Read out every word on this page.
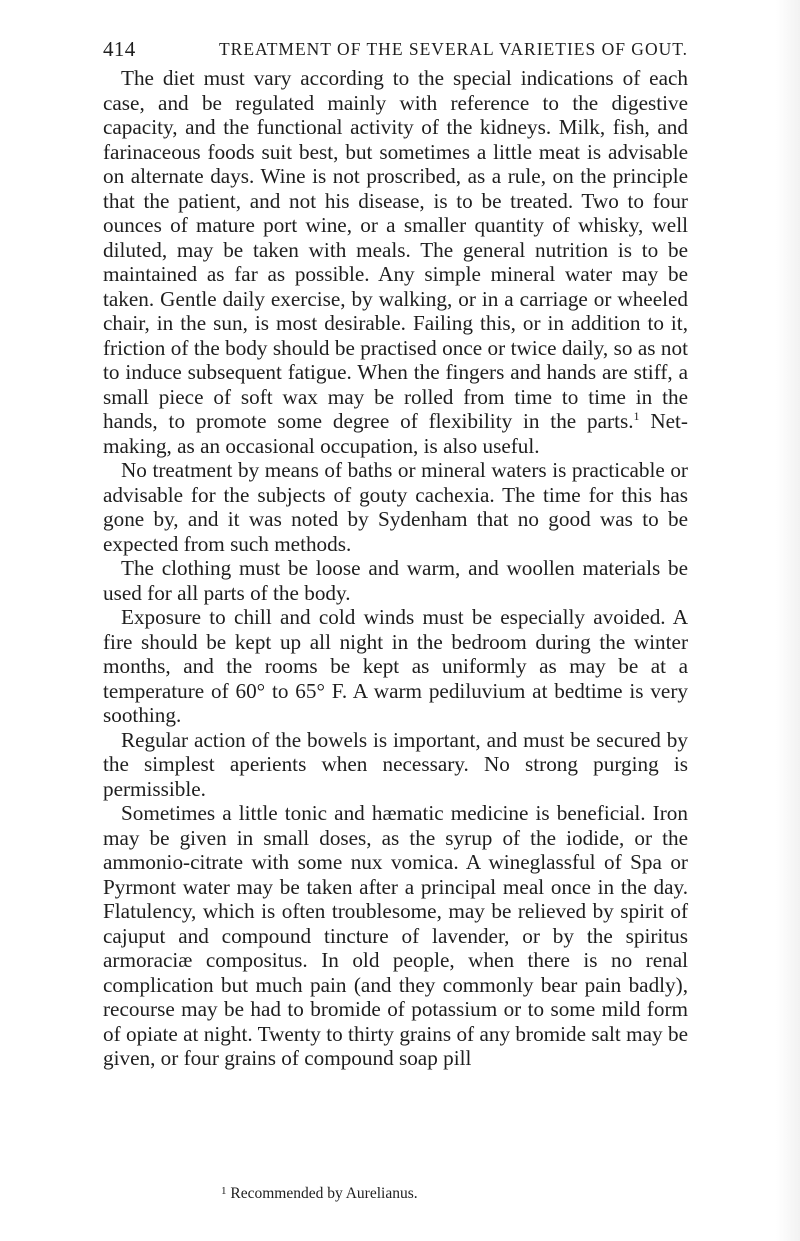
414	TREATMENT OF THE SEVERAL VARIETIES OF GOUT.

The diet must vary according to the special indications of each case, and be regulated mainly with reference to the digestive capacity, and the functional activity of the kidneys. Milk, fish, and farinaceous foods suit best, but sometimes a little meat is advisable on alternate days. Wine is not proscribed, as a rule, on the principle that the patient, and not his disease, is to be treated. Two to four ounces of mature port wine, or a smaller quantity of whisky, well diluted, may be taken with meals. The general nutrition is to be maintained as far as possible. Any simple mineral water may be taken. Gentle daily exercise, by walking, or in a carriage or wheeled chair, in the sun, is most desirable. Failing this, or in addition to it, friction of the body should be practised once or twice daily, so as not to induce subsequent fatigue. When the fingers and hands are stiff, a small piece of soft wax may be rolled from time to time in the hands, to promote some degree of flexibility in the parts.$^1$ Net-making, as an occasional occupation, is also useful.

No treatment by means of baths or mineral waters is practicable or advisable for the subjects of gouty cachexia. The time for this has gone by, and it was noted by Sydenham that no good was to be expected from such methods.

The clothing must be loose and warm, and woollen materials be used for all parts of the body.

Exposure to chill and cold winds must be especially avoided. A fire should be kept up all night in the bedroom during the winter months, and the rooms be kept as uniformly as may be at a temperature of 60° to 65° F. A warm pediluvium at bedtime is very soothing.

Regular action of the bowels is important, and must be secured by the simplest aperients when necessary. No strong purging is permissible.

Sometimes a little tonic and hæmatic medicine is beneficial. Iron may be given in small doses, as the syrup of the iodide, or the ammonio-citrate with some nux vomica. A wineglassful of Spa or Pyrmont water may be taken after a principal meal once in the day. Flatulency, which is often troublesome, may be relieved by spirit of cajuput and compound tincture of lavender, or by the spiritus armoraciæ compositus. In old people, when there is no renal complication but much pain (and they commonly bear pain badly), recourse may be had to bromide of potassium or to some mild form of opiate at night. Twenty to thirty grains of any bromide salt may be given, or four grains of compound soap pill

$^1$ Recommended by Aurelianus.
